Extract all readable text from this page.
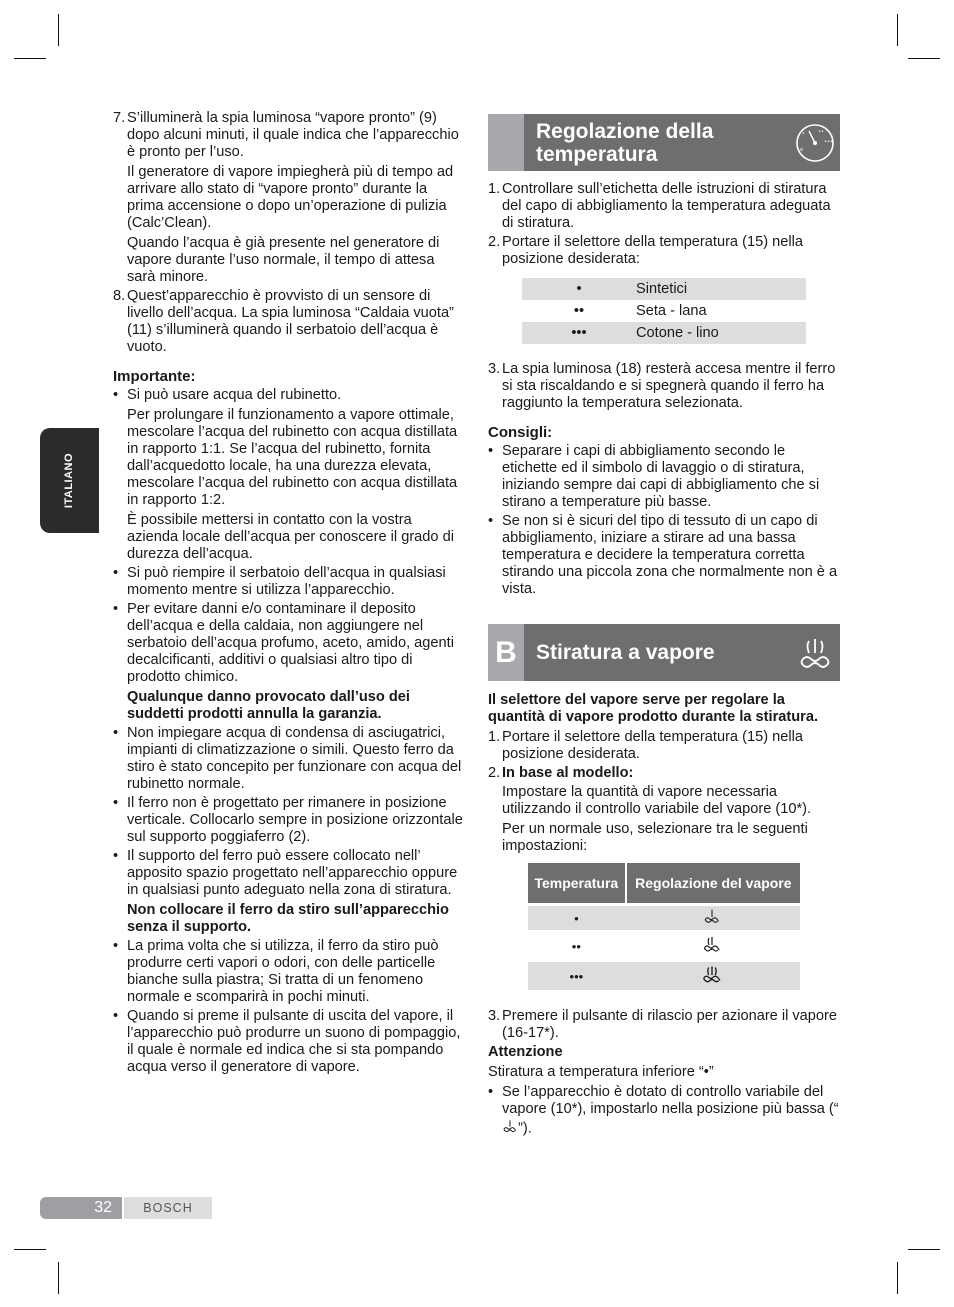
ITALIANO
7. S’illuminerà la spia luminosa “vapore pronto” (9) dopo alcuni minuti, il quale indica che l’apparecchio è pronto per l’uso.

Il generatore di vapore impiegherà più di tempo ad arrivare allo stato di “vapore pronto” durante la prima accensione o dopo un’operazione di pulizia (Calc’Clean).

Quando l’acqua è già presente nel generatore di vapore durante l’uso normale, il tempo di attesa sarà minore.

8. Quest’apparecchio è provvisto di un sensore di livello dell’acqua. La spia luminosa “Caldaia vuota” (11) s’illuminerà quando il serbatoio dell’acqua è vuoto.

Importante:
• Si può usare acqua del rubinetto.

Per prolungare il funzionamento a vapore ottimale, mescolare l’acqua del rubinetto con acqua distillata in rapporto 1:1. Se l’acqua del rubinetto, fornita dall’acquedotto locale, ha una durezza elevata, mescolare l’acqua del rubinetto con acqua distillata in rapporto 1:2.

È possibile mettersi in contatto con la vostra azienda locale dell’acqua per conoscere il grado di durezza dell’acqua.

• Si può riempire il serbatoio dell’acqua in qualsiasi momento mentre si utilizza l’apparecchio.

• Per evitare danni e/o contaminare il deposito dell’acqua e della caldaia, non aggiungere nel serbatoio dell’acqua profumo, aceto, amido, agenti decalcificanti, additivi o qualsiasi altro tipo di prodotto chimico.

Qualunque danno provocato dall’uso dei suddetti prodotti annulla la garanzia.

• Non impiegare acqua di condensa di asciugatrici, impianti di climatizzazione o simili. Questo ferro da stiro è stato concepito per funzionare con acqua del rubinetto normale.

• Il ferro non è progettato per rimanere in posizione verticale. Collocarlo sempre in posizione orizzontale sul supporto poggiaferro (2).

• Il supporto del ferro può essere collocato nell’ apposito spazio progettato nell’apparecchio oppure in qualsiasi punto adeguato nella zona di stiratura.

Non collocare il ferro da stiro sull’apparecchio senza il supporto.

• La prima volta che si utilizza, il ferro da stiro può produrre certi vapori o odori, con delle particelle bianche sulla piastra; Si tratta di un fenomeno normale e scomparirà in pochi minuti.

• Quando si preme il pulsante di uscita del vapore, il l’apparecchio può produrre un suono di pompaggio, il quale è normale ed indica che si sta pompando acqua verso il generatore di vapore.

Regolazione della temperatura
•	••
•••
o
1. Controllare sull’etichetta delle istruzioni di stiratura del capo di abbigliamento la temperatura adeguata di stiratura.
2. Portare il selettore della temperatura (15) nella posizione desiderata:
•	Sintetici
••	Seta - lana
•••	Cotone - lino
3. La spia luminosa (18) resterà accesa mentre il ferro si sta riscaldando e si spegnerà quando il ferro ha raggiunto la temperatura selezionata.
Consigli:
• Separare i capi di abbigliamento secondo le etichette ed il simbolo di lavaggio o di stiratura, iniziando sempre dai capi di abbigliamento che si stirano a temperature più basse.

• Se non si è sicuri del tipo di tessuto di un capo di abbigliamento, iniziare a stirare ad una bassa temperatura e decidere la temperatura corretta stirando una piccola zona che normalmente non è a vista.

B Stiratura a vapore

Il selettore del vapore serve per regolare la quantità di vapore prodotto durante la stiratura.

1. Portare il selettore della temperatura (15) nella posizione desiderata.
2. In base al modello:

Impostare la quantità di vapore necessaria utilizzando il controllo variabile del vapore (10*).

Per un normale uso, selezionare tra le seguenti impostazioni:

Temperatura	Regolazione del vapore
•	
••	
•••	
3. Premere il pulsante di rilascio per azionare il vapore (16-17*).

Attenzione

Stiratura a temperatura inferiore “•”

• Se l’apparecchio è dotato di controllo variabile del vapore (10*), impostarlo nella posizione più bassa (“”).
32	BOSCH
